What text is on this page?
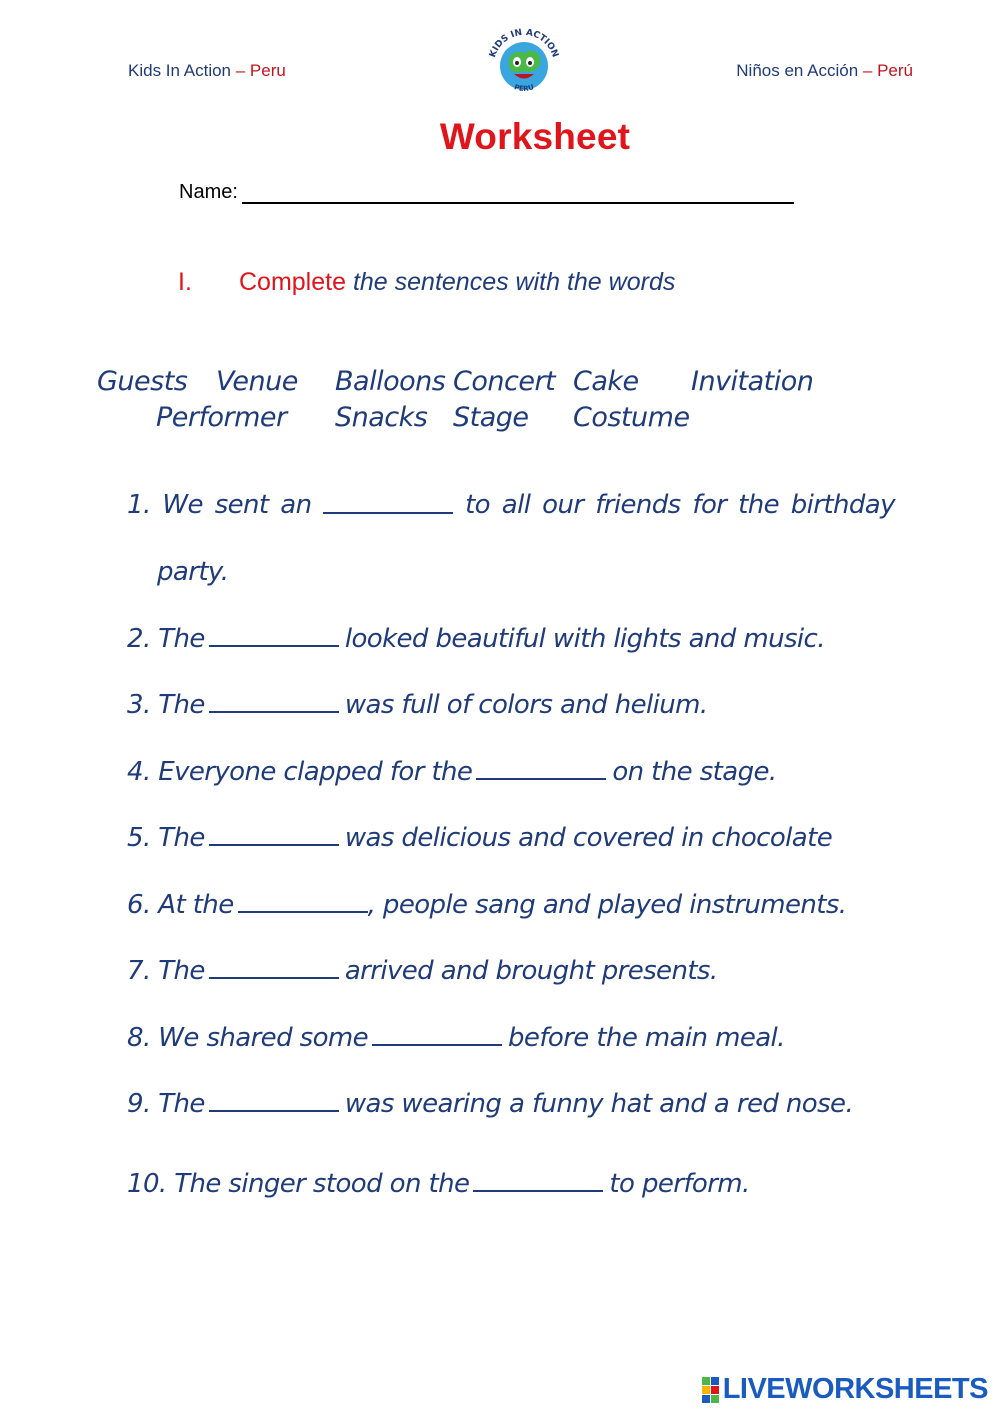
Kids In Action – Peru
KIDS IN ACTION
PERU
Niños en Acción – Perú
Worksheet
Name:
I. Complete the sentences with the words
Guests Venue Balloons Concert Cake Invitation
Performer Snacks Stage Costume
1. We sent an	to all our friends for the birthday
party.
2. The	looked beautiful with lights and music.
3. The	was full of colors and helium.
4. Everyone clapped for the	on the stage.
5. The	was delicious and covered in chocolate
6. At the	, people sang and played instruments.
7. The	arrived and brought presents.
8. We shared some	before the main meal.
9. The	was wearing a funny hat and a red nose.
10. The singer stood on the	to perform.
LIVEWORKSHEETS
